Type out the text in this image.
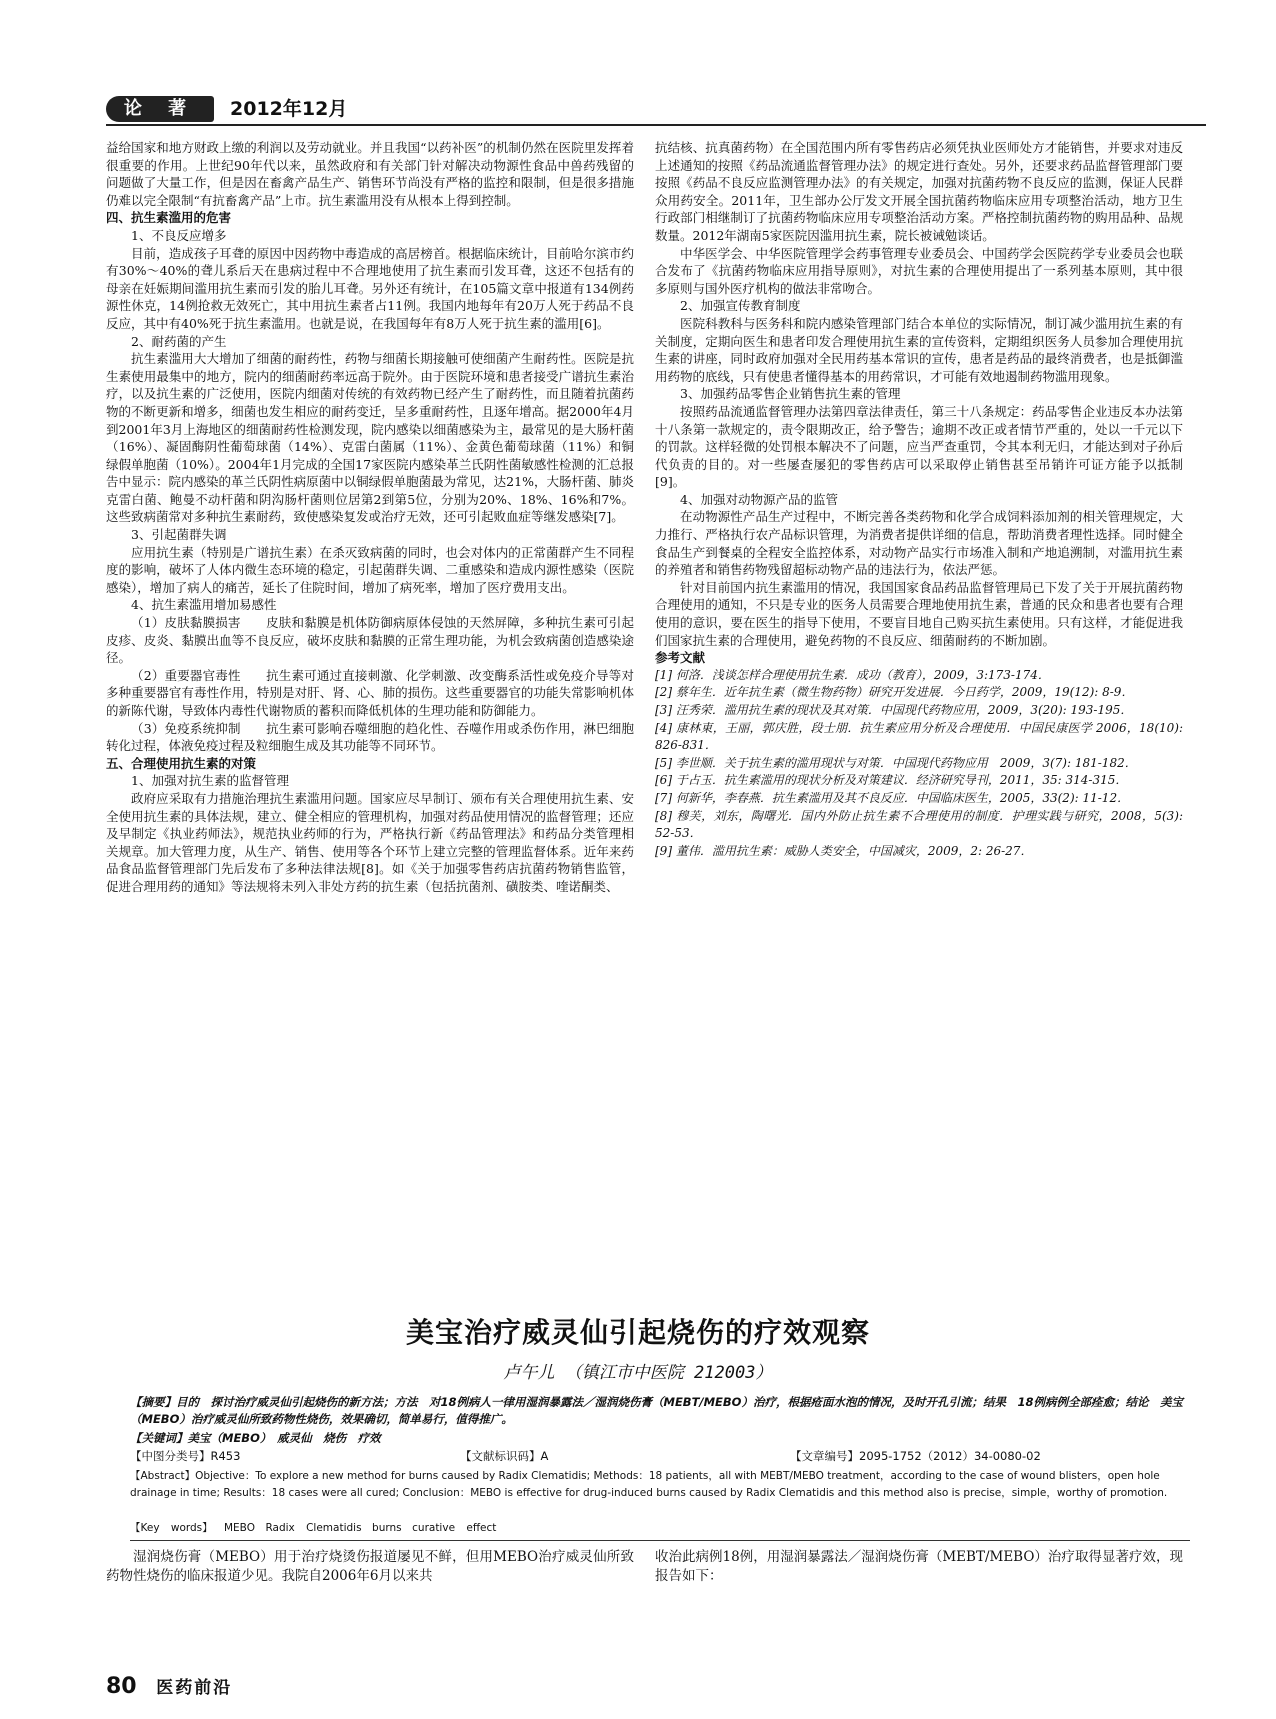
论 著	2012年12月

益给国家和地方财政上缴的利润以及劳动就业。并且我国“以药补医”的机制仍然在医院里发挥着很重要的作用。上世纪90年代以来，虽然政府和有关部门针对解决动物源性食品中兽药残留的问题做了大量工作，但是因在畜禽产品生产、销售环节尚没有严格的监控和限制，但是很多措施仍难以完全限制“有抗畜禽产品”上市。抗生素滥用没有从根本上得到控制。

四、抗生素滥用的危害

1、不良反应增多

目前，造成孩子耳聋的原因中因药物中毒造成的高居榜首。根据临床统计，目前哈尔滨市约有30%～40%的聋儿系后天在患病过程中不合理地使用了抗生素而引发耳聋，这还不包括有的母亲在妊娠期间滥用抗生素而引发的胎儿耳聋。另外还有统计，在105篇文章中报道有134例药源性休克，14例抢救无效死亡，其中用抗生素者占11例。我国内地每年有20万人死于药品不良反应，其中有40%死于抗生素滥用。也就是说，在我国每年有8万人死于抗生素的滥用[6]。

2、耐药菌的产生

抗生素滥用大大增加了细菌的耐药性，药物与细菌长期接触可使细菌产生耐药性。医院是抗生素使用最集中的地方，院内的细菌耐药率远高于院外。由于医院环境和患者接受广谱抗生素治疗，以及抗生素的广泛使用，医院内细菌对传统的有效药物已经产生了耐药性，而且随着抗菌药物的不断更新和增多，细菌也发生相应的耐药变迁，呈多重耐药性，且逐年增高。据2000年4月到2001年3月上海地区的细菌耐药性检测发现，院内感染以细菌感染为主，最常见的是大肠杆菌（16%）、凝固酶阴性葡萄球菌（14%）、克雷白菌属（11%）、金黄色葡萄球菌（11%）和铜绿假单胞菌（10%）。2004年1月完成的全国17家医院内感染革兰氏阴性菌敏感性检测的汇总报告中显示：院内感染的革兰氏阴性病原菌中以铜绿假单胞菌最为常见，达21%，大肠杆菌、肺炎克雷白菌、鲍曼不动杆菌和阴沟肠杆菌则位居第2到第5位，分别为20%、18%、16%和7%。这些致病菌常对多种抗生素耐药，致使感染复发或治疗无效，还可引起败血症等继发感染[7]。

3、引起菌群失调

应用抗生素（特别是广谱抗生素）在杀灭致病菌的同时，也会对体内的正常菌群产生不同程度的影响，破坏了人体内微生态环境的稳定，引起菌群失调、二重感染和造成内源性感染（医院感染），增加了病人的痛苦，延长了住院时间，增加了病死率，增加了医疗费用支出。

4、抗生素滥用增加易感性

（1）皮肤黏膜损害　　皮肤和黏膜是机体防御病原体侵蚀的天然屏障，多种抗生素可引起皮疹、皮炎、黏膜出血等不良反应，破坏皮肤和黏膜的正常生理功能，为机会致病菌创造感染途径。

（2）重要器官毒性　　抗生素可通过直接刺激、化学刺激、改变酶系活性或免疫介导等对多种重要器官有毒性作用，特别是对肝、肾、心、肺的损伤。这些重要器官的功能失常影响机体的新陈代谢，导致体内毒性代谢物质的蓄积而降低机体的生理功能和防御能力。

（3）免疫系统抑制　　抗生素可影响吞噬细胞的趋化性、吞噬作用或杀伤作用，淋巴细胞转化过程，体液免疫过程及粒细胞生成及其功能等不同环节。

五、合理使用抗生素的对策

1、加强对抗生素的监督管理

政府应采取有力措施治理抗生素滥用问题。国家应尽早制订、颁布有关合理使用抗生素、安全使用抗生素的具体法规，建立、健全相应的管理机构，加强对药品使用情况的监督管理；还应及早制定《执业药师法》，规范执业药师的行为，严格执行新《药品管理法》和药品分类管理相关规章。加大管理力度，从生产、销售、使用等各个环节上建立完整的管理监督体系。近年来药品食品监督管理部门先后发布了多种法律法规[8]。如《关于加强零售药店抗菌药物销售监管，促进合理用药的通知》等法规将未列入非处方药的抗生素（包括抗菌剂、磺胺类、喹诺酮类、

抗结核、抗真菌药物）在全国范围内所有零售药店必须凭执业医师处方才能销售，并要求对违反上述通知的按照《药品流通监督管理办法》的规定进行查处。另外，还要求药品监督管理部门要按照《药品不良反应监测管理办法》的有关规定，加强对抗菌药物不良反应的监测，保证人民群众用药安全。2011年，卫生部办公厅发文开展全国抗菌药物临床应用专项整治活动，地方卫生行政部门相继制订了抗菌药物临床应用专项整治活动方案。严格控制抗菌药物的购用品种、品规数量。2012年湖南5家医院因滥用抗生素，院长被诫勉谈话。

中华医学会、中华医院管理学会药事管理专业委员会、中国药学会医院药学专业委员会也联合发布了《抗菌药物临床应用指导原则》，对抗生素的合理使用提出了一系列基本原则，其中很多原则与国外医疗机构的做法非常吻合。

2、加强宣传教育制度

医院科教科与医务科和院内感染管理部门结合本单位的实际情况，制订减少滥用抗生素的有关制度，定期向医生和患者印发合理使用抗生素的宣传资料，定期组织医务人员参加合理使用抗生素的讲座，同时政府加强对全民用药基本常识的宣传，患者是药品的最终消费者，也是抵御滥用药物的底线，只有使患者懂得基本的用药常识，才可能有效地遏制药物滥用现象。

3、加强药品零售企业销售抗生素的管理

按照药品流通监督管理办法第四章法律责任，第三十八条规定：药品零售企业违反本办法第十八条第一款规定的，责令限期改正，给予警告；逾期不改正或者情节严重的，处以一千元以下的罚款。这样轻微的处罚根本解决不了问题，应当严查重罚，令其本利无归，才能达到对子孙后代负责的目的。对一些屡查屡犯的零售药店可以采取停止销售甚至吊销许可证方能予以抵制[9]。

4、加强对动物源产品的监管

在动物源性产品生产过程中，不断完善各类药物和化学合成饲料添加剂的相关管理规定，大力推行、严格执行农产品标识管理，为消费者提供详细的信息，帮助消费者理性选择。同时健全食品生产到餐桌的全程安全监控体系，对动物产品实行市场准入制和产地追溯制，对滥用抗生素的养殖者和销售药物残留超标动物产品的违法行为，依法严惩。

针对目前国内抗生素滥用的情况，我国国家食品药品监督管理局已下发了关于开展抗菌药物合理使用的通知，不只是专业的医务人员需要合理地使用抗生素，普通的民众和患者也要有合理使用的意识，要在医生的指导下使用，不要盲目地自己购买抗生素使用。只有这样，才能促进我们国家抗生素的合理使用，避免药物的不良反应、细菌耐药的不断加剧。

参考文献

[1] 何洛．浅谈怎样合理使用抗生素．成功（教育），2009，3:173-174．

[2] 蔡年生．近年抗生素（微生物药物）研究开发进展．今日药学，2009，19(12): 8-9．

[3] 汪秀荣．滥用抗生素的现状及其对策．中国现代药物应用，2009，3(20): 193-195．

[4] 康林東，王丽，郭庆胜，段士朋．抗生素应用分析及合理使用．中国民康医学 2006，18(10): 826-831．

[5] 李世顺．关于抗生素的滥用现状与对策．中国现代药物应用　2009，3(7): 181-182．

[6] 于占玉．抗生素滥用的现状分析及对策建议．经济研究导刊，2011，35: 314-315．

[7] 何新华，李春燕．抗生素滥用及其不良反应．中国临床医生，2005，33(2): 11-12．

[8] 穆芙，刘东，陶曙光．国内外防止抗生素不合理使用的制度．护理实践与研究，2008，5(3):　52-53．

[9] 董伟．滥用抗生素：威胁人类安全，中国减灾，2009，2: 26-27．

美宝治疗威灵仙引起烧伤的疗效观察
卢午儿 （镇江市中医院 212003）
【摘要】目的　探讨治疗威灵仙引起烧伤的新方法；方法　对18例病人一律用湿润暴露法／湿润烧伤膏（MEBT/MEBO）治疗，根据疮面水泡的情况，及时开孔引流；结果　18例病例全部痊愈；结论　美宝（MEBO）治疗威灵仙所致药物性烧伤，效果确切，简单易行，值得推广。
【关键词】美宝（MEBO）　威灵仙　烧伤　疗效
【中图分类号】R453	【文献标识码】A	【文章编号】2095-1752（2012）34-0080-02
【Abstract】Objective：To explore a new method for burns caused by Radix Clematidis; Methods：18 patients，all with MEBT/MEBO treatment，according to the case of wound blisters，open hole drainage in time; Results：18 cases were all cured; Conclusion：MEBO is effective for drug-induced burns caused by Radix Clematidis and this method also is precise，simple，worthy of promotion.
【Key words】 MEBO　Radix Clematidis　burns　curative effect
湿润烧伤膏（MEBO）用于治疗烧烫伤报道屡见不鲜，但用MEBO治疗威灵仙所致药物性烧伤的临床报道少见。我院自2006年6月以来共
收治此病例18例，用湿润暴露法／湿润烧伤膏（MEBT/MEBO）治疗取得显著疗效，现报告如下：
80 医药前沿
